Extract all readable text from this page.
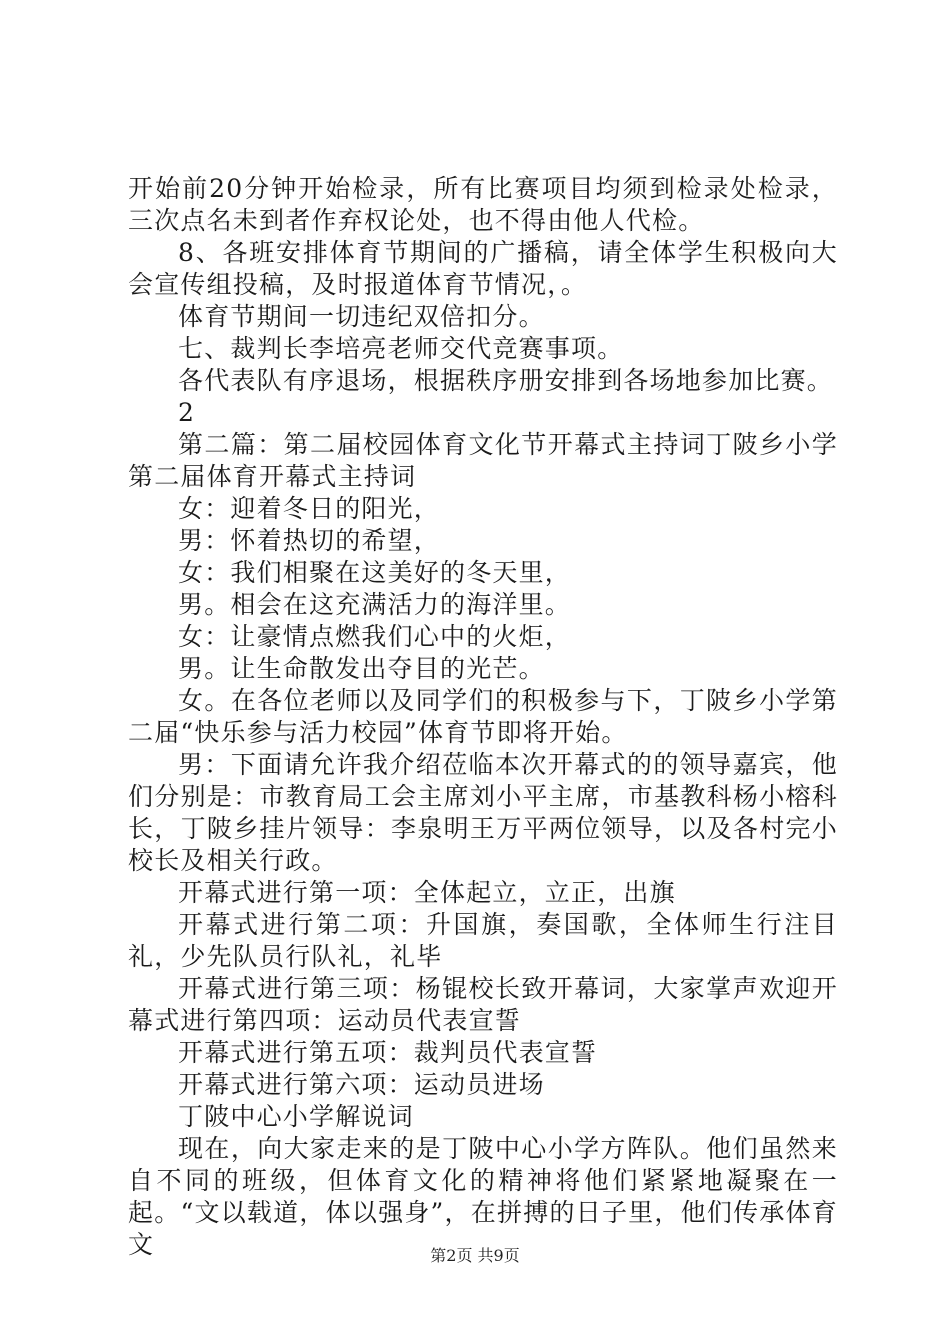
开始前20分钟开始检录，所有比赛项目均须到检录处检录，三次点名未到者作弃权论处，也不得由他人代检。

8、各班安排体育节期间的广播稿，请全体学生积极向大会宣传组投稿，及时报道体育节情况，。

体育节期间一切违纪双倍扣分。

七、裁判长李培亮老师交代竞赛事项。

各代表队有序退场，根据秩序册安排到各场地参加比赛。

2

第二篇：第二届校园体育文化节开幕式主持词丁陂乡小学第二届体育开幕式主持词

女：迎着冬日的阳光，

男：怀着热切的希望，

女：我们相聚在这美好的冬天里，

男。相会在这充满活力的海洋里。

女：让豪情点燃我们心中的火炬，

男。让生命散发出夺目的光芒。

女。在各位老师以及同学们的积极参与下，丁陂乡小学第二届“快乐参与活力校园”体育节即将开始。

男：下面请允许我介绍莅临本次开幕式的的领导嘉宾，他们分别是：市教育局工会主席刘小平主席，市基教科杨小榕科长，丁陂乡挂片领导：李泉明王万平两位领导，以及各村完小校长及相关行政。

开幕式进行第一项：全体起立，立正，出旗

开幕式进行第二项：升国旗，奏国歌，全体师生行注目礼，少先队员行队礼，礼毕

开幕式进行第三项：杨锟校长致开幕词，大家掌声欢迎开幕式进行第四项：运动员代表宣誓

开幕式进行第五项：裁判员代表宣誓

开幕式进行第六项：运动员进场

丁陂中心小学解说词

现在，向大家走来的是丁陂中心小学方阵队。他们虽然来自不同的班级，但体育文化的精神将他们紧紧地凝聚在一起。“文以载道，体以强身”，在拼搏的日子里，他们传承体育文	第2页 共9页
